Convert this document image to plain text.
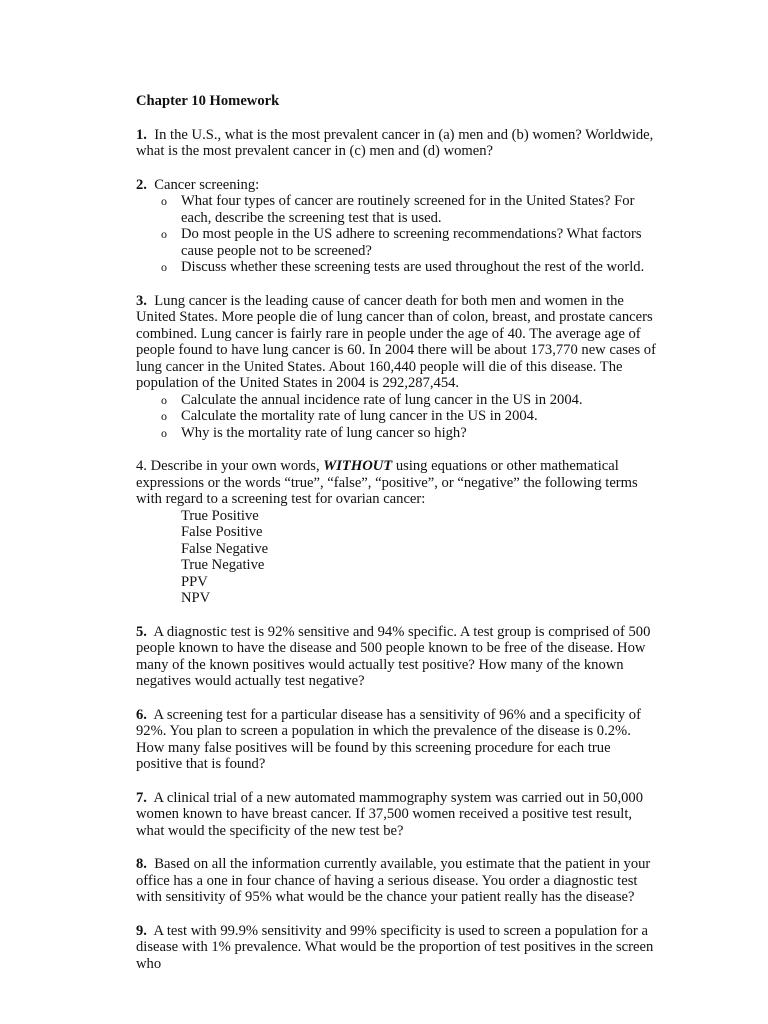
Chapter 10 Homework
1. In the U.S., what is the most prevalent cancer in (a) men and (b) women? Worldwide, what is the most prevalent cancer in (c) men and (d) women?
2. Cancer screening:
o What four types of cancer are routinely screened for in the United States? For each, describe the screening test that is used.
o Do most people in the US adhere to screening recommendations? What factors cause people not to be screened?
o Discuss whether these screening tests are used throughout the rest of the world.
3. Lung cancer is the leading cause of cancer death for both men and women in the United States. More people die of lung cancer than of colon, breast, and prostate cancers combined. Lung cancer is fairly rare in people under the age of 40. The average age of people found to have lung cancer is 60. In 2004 there will be about 173,770 new cases of lung cancer in the United States. About 160,440 people will die of this disease. The population of the United States in 2004 is 292,287,454.
o Calculate the annual incidence rate of lung cancer in the US in 2004.
o Calculate the mortality rate of lung cancer in the US in 2004.
o Why is the mortality rate of lung cancer so high?
4. Describe in your own words, WITHOUT using equations or other mathematical expressions or the words “true”, “false”, “positive”, or “negative” the following terms with regard to a screening test for ovarian cancer:
True Positive
False Positive
False Negative
True Negative
PPV
NPV
5. A diagnostic test is 92% sensitive and 94% specific. A test group is comprised of 500 people known to have the disease and 500 people known to be free of the disease. How many of the known positives would actually test positive? How many of the known negatives would actually test negative?
6. A screening test for a particular disease has a sensitivity of 96% and a specificity of 92%. You plan to screen a population in which the prevalence of the disease is 0.2%. How many false positives will be found by this screening procedure for each true positive that is found?
7. A clinical trial of a new automated mammography system was carried out in 50,000 women known to have breast cancer. If 37,500 women received a positive test result, what would the specificity of the new test be?
8. Based on all the information currently available, you estimate that the patient in your office has a one in four chance of having a serious disease. You order a diagnostic test with sensitivity of 95% what would be the chance your patient really has the disease?
9. A test with 99.9% sensitivity and 99% specificity is used to screen a population for a disease with 1% prevalence. What would be the proportion of test positives in the screen who
